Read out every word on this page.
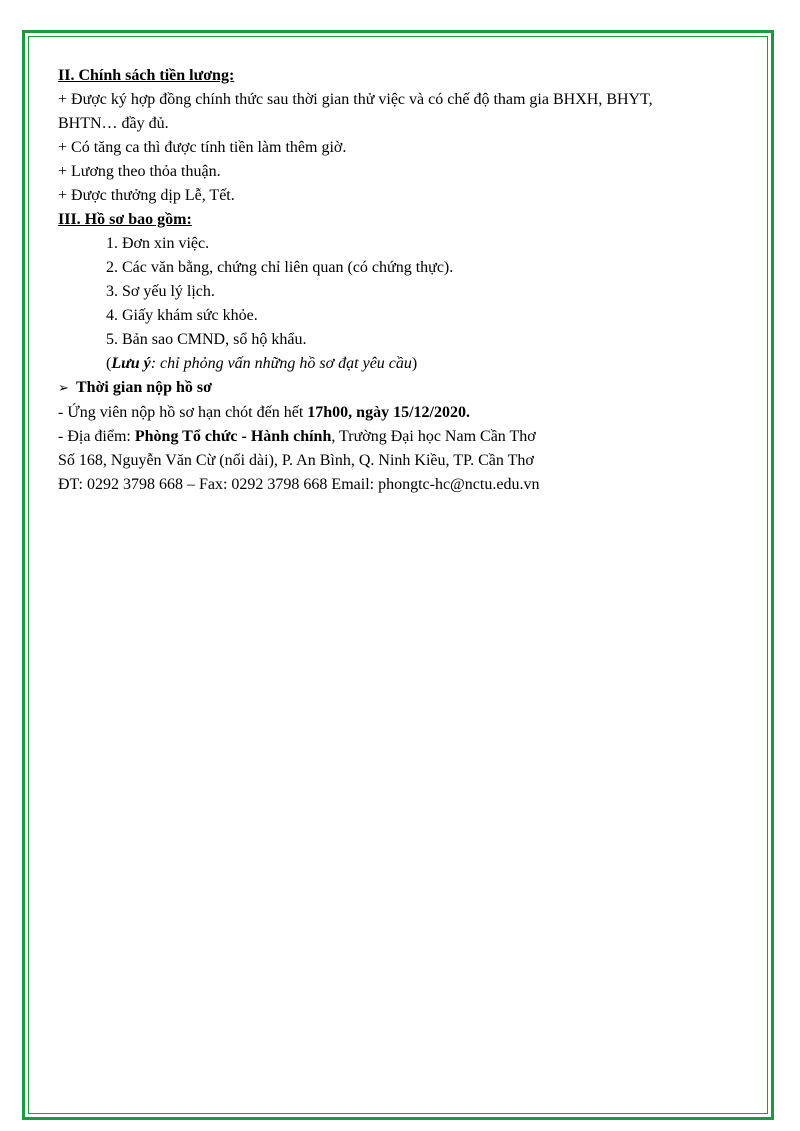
II. Chính sách tiền lương:

+ Được ký hợp đồng chính thức sau thời gian thử việc và có chế độ tham gia BHXH, BHYT,

BHTN… đầy đủ.

+ Có tăng ca thì được tính tiền làm thêm giờ.

+ Lương theo thỏa thuận.

+ Được thưởng dịp Lễ, Tết.

III. Hồ sơ bao gồm:

1. Đơn xin việc.

2. Các văn bằng, chứng chỉ liên quan (có chứng thực).

3. Sơ yếu lý lịch.

4. Giấy khám sức khỏe.

5. Bản sao CMND, sổ hộ khẩu.

(Lưu ý: chỉ phỏng vấn những hồ sơ đạt yêu cầu)

➢ Thời gian nộp hồ sơ

- Ứng viên nộp hồ sơ hạn chót đến hết 17h00, ngày 15/12/2020.

- Địa điểm: Phòng Tổ chức - Hành chính, Trường Đại học Nam Cần Thơ

Số 168, Nguyễn Văn Cừ (nối dài), P. An Bình, Q. Ninh Kiều, TP. Cần Thơ

ĐT: 0292 3798 668 – Fax: 0292 3798 668 Email: phongtc-hc@nctu.edu.vn
